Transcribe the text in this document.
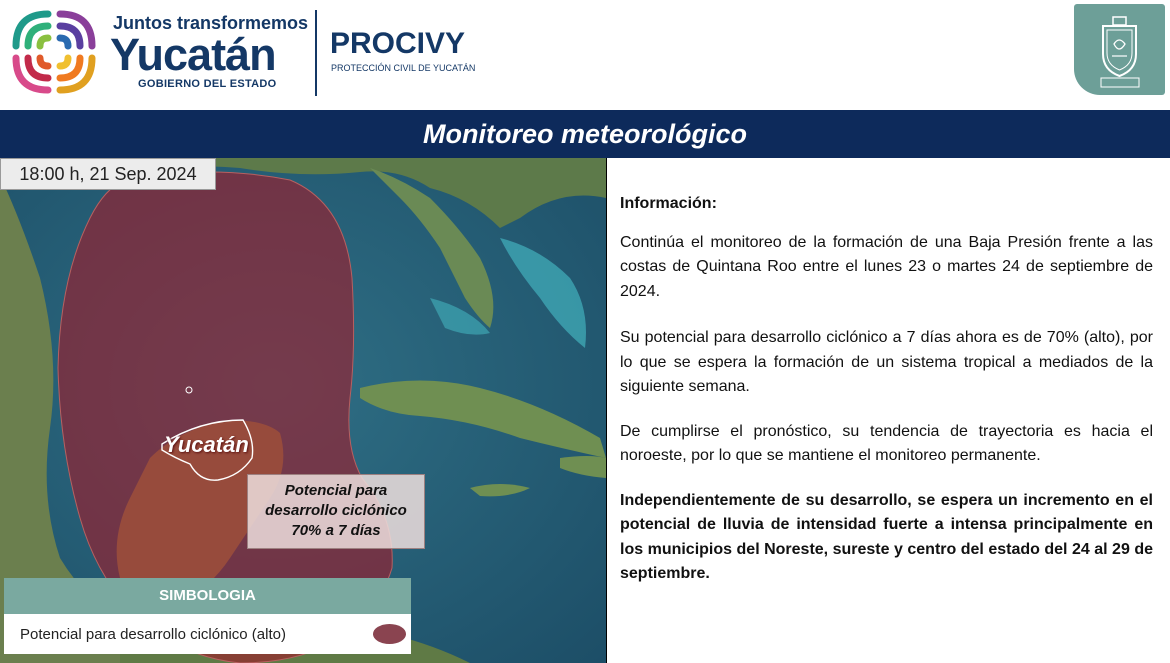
Juntos transformemos
Yucatán
GOBIERNO DEL ESTADO
PROCIVY
PROTECCIÓN CIVIL DE YUCATÁN
Monitoreo meteorológico
18:00 h, 21 Sep. 2024
Yucatán
Potencial para
desarrollo ciclónico
70% a 7 días
SIMBOLOGIA
Potencial para desarrollo ciclónico (alto)

Información:

Continúa el monitoreo de la formación de una Baja Presión frente a las costas de Quintana Roo entre el lunes 23 o martes 24 de septiembre de 2024.

Su potencial para desarrollo ciclónico a 7 días ahora es de 70% (alto), por lo que se espera la formación de un sistema tropical a mediados de la siguiente semana.

De cumplirse el pronóstico, su tendencia de trayectoria es hacia el noroeste, por lo que se mantiene el monitoreo permanente.

Independientemente de su desarrollo, se espera un incremento en el potencial de lluvia de intensidad fuerte a intensa principalmente en los municipios del Noreste, sureste y centro del estado del 24 al 29 de septiembre.
